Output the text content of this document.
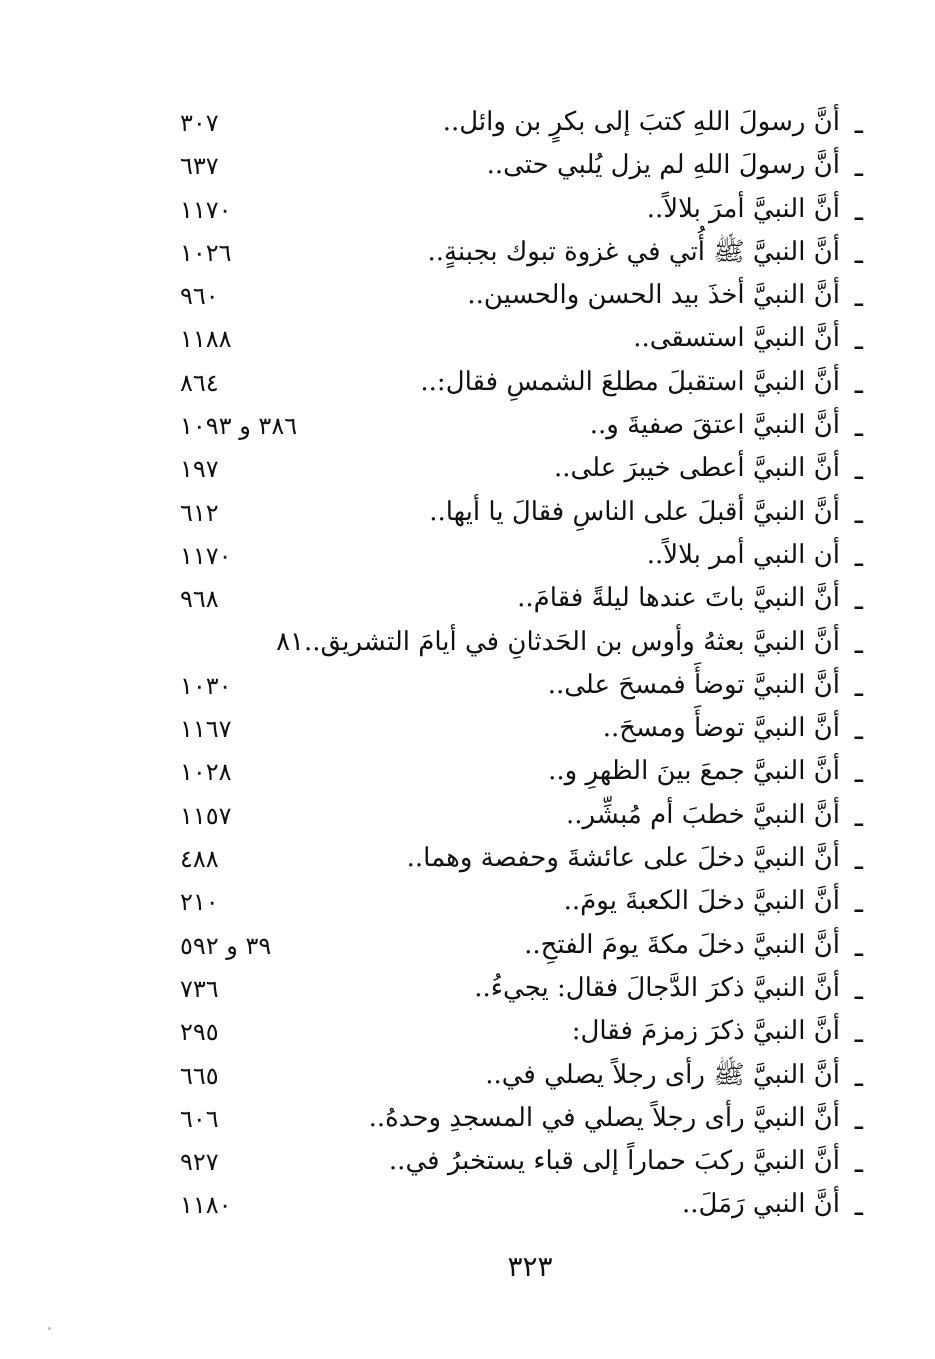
ـ
أنَّ رسولَ اللهِ كتبَ إلى بكرٍ بن وائل..
٣٠٧
ـ
أنَّ رسولَ اللهِ لم يزل يُلبي حتى..
٦٣٧
ـ
أنَّ النبيَّ أمرَ بلالاً..
١١٧٠
ـ
أنَّ النبيَّ ﷺ أُتي في غزوة تبوك بجبنةٍ..
١٠٢٦
ـ
أنَّ النبيَّ أخذَ بيد الحسن والحسين..
٩٦٠
ـ
أنَّ النبيَّ استسقى..
١١٨٨
ـ
أنَّ النبيَّ استقبلَ مطلعَ الشمسِ فقال:..
٨٦٤
ـ
أنَّ النبيَّ اعتقَ صفيةَ و..
٣٨٦ و ١٠٩٣
ـ
أنَّ النبيَّ أعطى خيبرَ على..
١٩٧
ـ
أنَّ النبيَّ أقبلَ على الناسِ فقالَ يا أيها..
٦١٢
ـ
أن النبي أمر بلالاً..
١١٧٠
ـ
أنَّ النبيَّ باتَ عندها ليلةً فقامَ..
٩٦٨
ـ
أنَّ النبيَّ بعثهُ وأوس بن الحَدثانِ في أيامَ التشريق..٨١
ـ
أنَّ النبيَّ توضأَ فمسحَ على..
١٠٣٠
ـ
أنَّ النبيَّ توضأَ ومسحَ..
١١٦٧
ـ
أنَّ النبيَّ جمعَ بينَ الظهرِ و..
١٠٢٨
ـ
أنَّ النبيَّ خطبَ أم مُبشِّر..
١١٥٧
ـ
أنَّ النبيَّ دخلَ على عائشةَ وحفصة وهما..
٤٨٨
ـ
أنَّ النبيَّ دخلَ الكعبةَ يومَ..
٢١٠
ـ
أنَّ النبيَّ دخلَ مكةَ يومَ الفتحِ..
٣٩ و ٥٩٢
ـ
أنَّ النبيَّ ذكرَ الدَّجالَ فقال: يجيءُ..
٧٣٦
ـ
أنَّ النبيَّ ذكرَ زمزمَ فقال:
٢٩٥
ـ
أنَّ النبيَّ ﷺ رأى رجلاً يصلي في..
٦٦٥
ـ
أنَّ النبيَّ رأى رجلاً يصلي في المسجدِ وحدهُ..
٦٠٦
ـ
أنَّ النبيَّ ركبَ حماراً إلى قباء يستخبرُ في..
٩٢٧
ـ
أنَّ النبي رَمَلَ..
١١٨٠
٣٢٣
